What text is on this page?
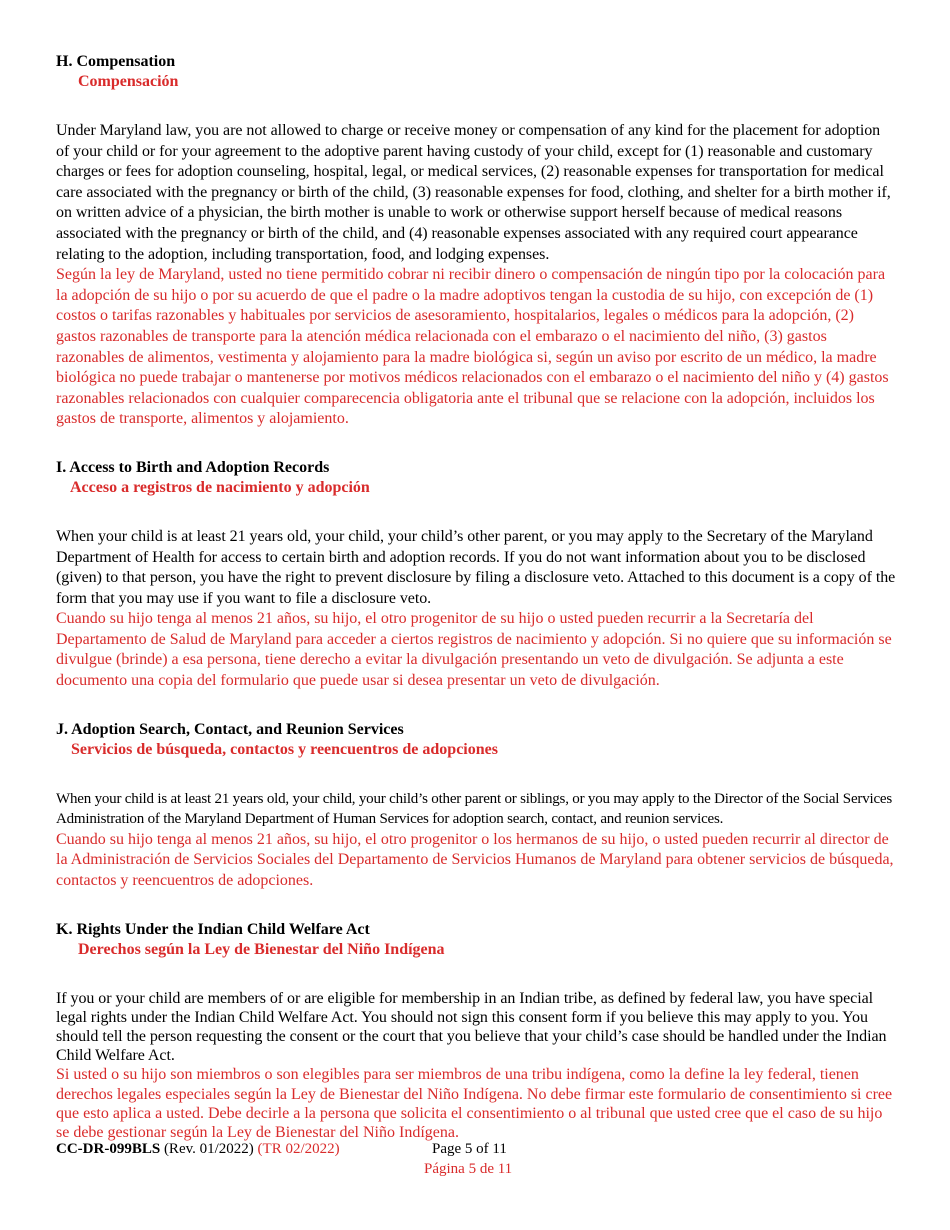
H. Compensation

Compensación

Under Maryland law, you are not allowed to charge or receive money or compensation of any kind for the placement for adoption of your child or for your agreement to the adoptive parent having custody of your child, except for (1) reasonable and customary charges or fees for adoption counseling, hospital, legal, or medical services, (2) reasonable expenses for transportation for medical care associated with the pregnancy or birth of the child, (3) reasonable expenses for food, clothing, and shelter for a birth mother if, on written advice of a physician, the birth mother is unable to work or otherwise support herself because of medical reasons associated with the pregnancy or birth of the child, and (4) reasonable expenses associated with any required court appearance relating to the adoption, including transportation, food, and lodging expenses.

Según la ley de Maryland, usted no tiene permitido cobrar ni recibir dinero o compensación de ningún tipo por la colocación para la adopción de su hijo o por su acuerdo de que el padre o la madre adoptivos tengan la custodia de su hijo, con excepción de (1) costos o tarifas razonables y habituales por servicios de asesoramiento, hospitalarios, legales o médicos para la adopción, (2) gastos razonables de transporte para la atención médica relacionada con el embarazo o el nacimiento del niño, (3) gastos razonables de alimentos, vestimenta y alojamiento para la madre biológica si, según un aviso por escrito de un médico, la madre biológica no puede trabajar o mantenerse por motivos médicos relacionados con el embarazo o el nacimiento del niño y (4) gastos razonables relacionados con cualquier comparecencia obligatoria ante el tribunal que se relacione con la adopción, incluidos los gastos de transporte, alimentos y alojamiento.

I. Access to Birth and Adoption Records

Acceso a registros de nacimiento y adopción

When your child is at least 21 years old, your child, your child’s other parent, or you may apply to the Secretary of the Maryland Department of Health for access to certain birth and adoption records. If you do not want information about you to be disclosed (given) to that person, you have the right to prevent disclosure by filing a disclosure veto. Attached to this document is a copy of the form that you may use if you want to file a disclosure veto.

Cuando su hijo tenga al menos 21 años, su hijo, el otro progenitor de su hijo o usted pueden recurrir a la Secretaría del Departamento de Salud de Maryland para acceder a ciertos registros de nacimiento y adopción. Si no quiere que su información se divulgue (brinde) a esa persona, tiene derecho a evitar la divulgación presentando un veto de divulgación. Se adjunta a este documento una copia del formulario que puede usar si desea presentar un veto de divulgación.

J. Adoption Search, Contact, and Reunion Services

Servicios de búsqueda, contactos y reencuentros de adopciones

When your child is at least 21 years old, your child, your child’s other parent or siblings, or you may apply to the Director of the Social Services Administration of the Maryland Department of Human Services for adoption search, contact, and reunion services.

Cuando su hijo tenga al menos 21 años, su hijo, el otro progenitor o los hermanos de su hijo, o usted pueden recurrir al director de la Administración de Servicios Sociales del Departamento de Servicios Humanos de Maryland para obtener servicios de búsqueda, contactos y reencuentros de adopciones.

K. Rights Under the Indian Child Welfare Act

Derechos según la Ley de Bienestar del Niño Indígena

If you or your child are members of or are eligible for membership in an Indian tribe, as defined by federal law, you have special legal rights under the Indian Child Welfare Act. You should not sign this consent form if you believe this may apply to you. You should tell the person requesting the consent or the court that you believe that your child’s case should be handled under the Indian Child Welfare Act.

Si usted o su hijo son miembros o son elegibles para ser miembros de una tribu indígena, como la define la ley federal, tienen derechos legales especiales según la Ley de Bienestar del Niño Indígena. No debe firmar este formulario de consentimiento si cree que esto aplica a usted. Debe decirle a la persona que solicita el consentimiento o al tribunal que usted cree que el caso de su hijo se debe gestionar según la Ley de Bienestar del Niño Indígena.

CC-DR-099BLS (Rev. 01/2022) (TR 02/2022)	Page 5 of 11
Página 5 de 11
